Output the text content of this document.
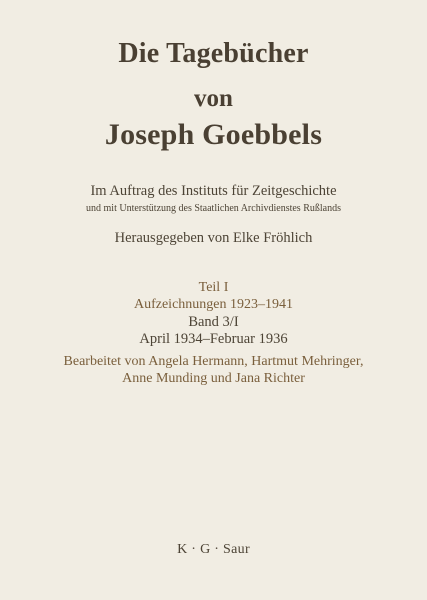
Die Tagebücher
von
Joseph Goebbels
Im Auftrag des Instituts für Zeitgeschichte
und mit Unterstützung des Staatlichen Archivdienstes Rußlands
Herausgegeben von Elke Fröhlich
Teil I
Aufzeichnungen 1923–1941
Band 3/I
April 1934–Februar 1936
Bearbeitet von Angela Hermann, Hartmut Mehringer,
Anne Munding und Jana Richter
K · G · Saur
